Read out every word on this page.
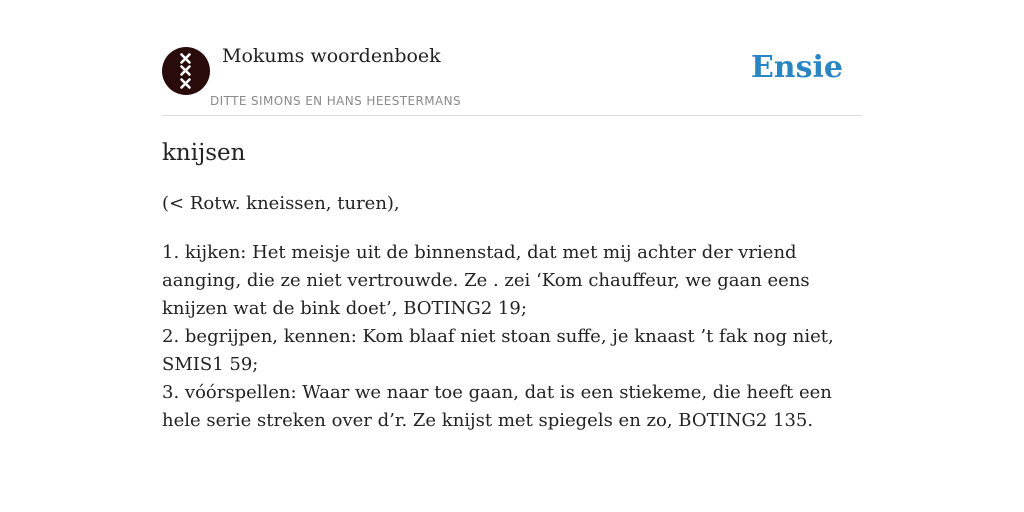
Mokums woordenboek
DITTE SIMONS EN HANS HEESTERMANS
Ensie
knijsen
(< Rotw. kneissen, turen),
1. kijken: Het meisje uit de binnenstad, dat met mij achter der vriend aanging, die ze niet vertrouwde. Ze . zei ‘Kom chauffeur, we gaan eens knijzen wat de bink doet’, BOTING2 19;
2. begrijpen, kennen: Kom blaaf niet stoan suffe, je knaast ’t fak nog niet, SMIS1 59;
3. vóórspellen: Waar we naar toe gaan, dat is een stiekeme, die heeft een hele serie streken over d’r. Ze knijst met spiegels en zo, BOTING2 135.
